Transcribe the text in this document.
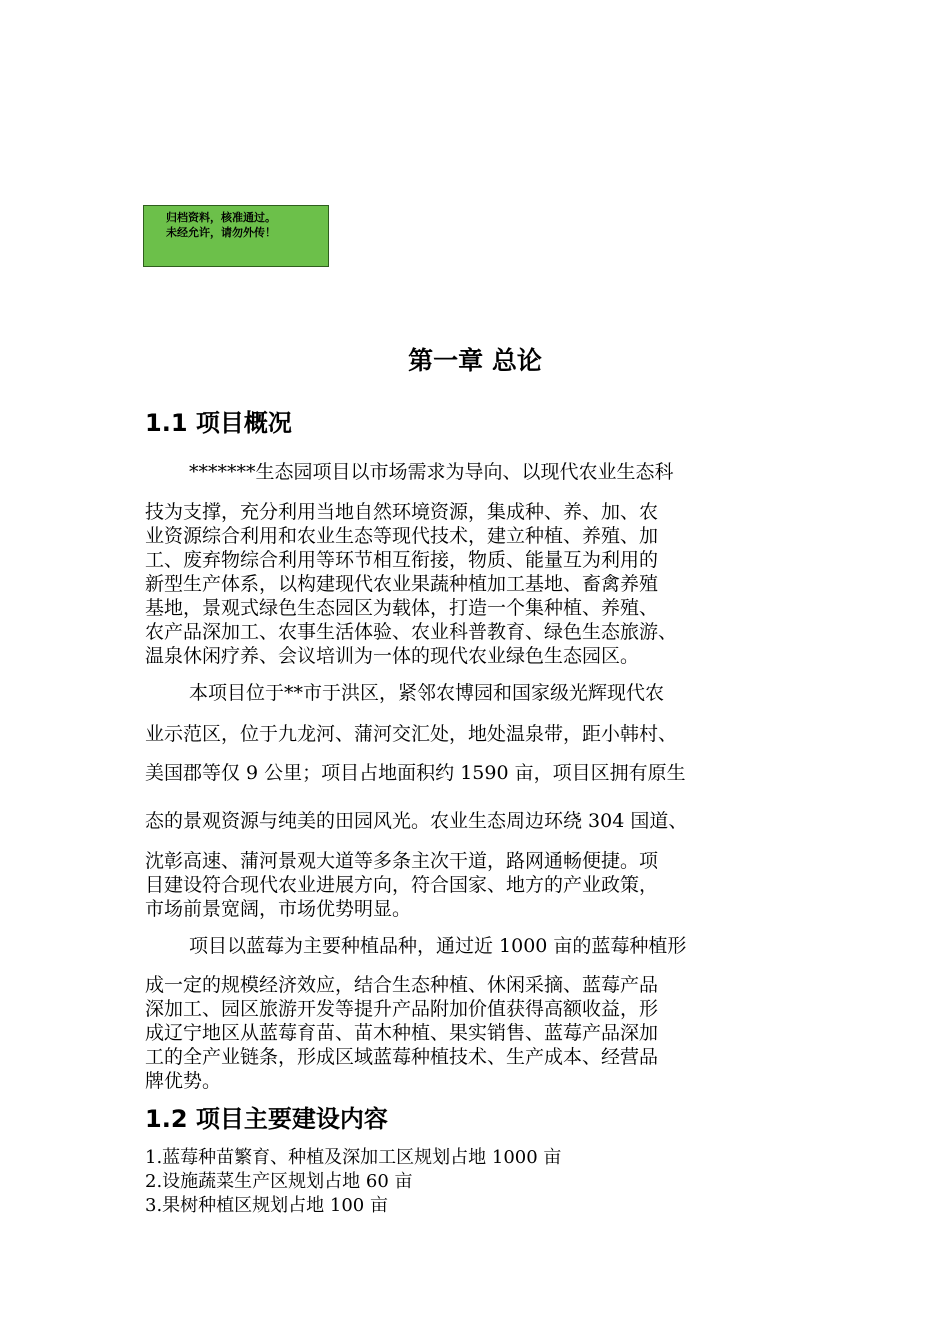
归档资料，核准通过。
未经允许，请勿外传！
第一章 总论
1.1 项目概况
*******生态园项目以市场需求为导向、以现代农业生态科
技为支撑，充分利用当地自然环境资源，集成种、养、加、农
业资源综合利用和农业生态等现代技术，建立种植、养殖、加
工、废弃物综合利用等环节相互衔接，物质、能量互为利用的
新型生产体系，以构建现代农业果蔬种植加工基地、畜禽养殖
基地，景观式绿色生态园区为载体，打造一个集种植、养殖、
农产品深加工、农事生活体验、农业科普教育、绿色生态旅游、
温泉休闲疗养、会议培训为一体的现代农业绿色生态园区。
本项目位于**市于洪区，紧邻农博园和国家级光辉现代农
业示范区，位于九龙河、蒲河交汇处，地处温泉带，距小韩村、
美国郡等仅 9 公里；项目占地面积约 1590 亩，项目区拥有原生
态的景观资源与纯美的田园风光。农业生态周边环绕 304 国道、
沈彰高速、蒲河景观大道等多条主次干道，路网通畅便捷。项
目建设符合现代农业进展方向，符合国家、地方的产业政策，
市场前景宽阔，市场优势明显。
项目以蓝莓为主要种植品种，通过近 1000 亩的蓝莓种植形
成一定的规模经济效应，结合生态种植、休闲采摘、蓝莓产品
深加工、园区旅游开发等提升产品附加价值获得高额收益，形
成辽宁地区从蓝莓育苗、苗木种植、果实销售、蓝莓产品深加
工的全产业链条，形成区域蓝莓种植技术、生产成本、经营品
牌优势。
1.2 项目主要建设内容
1.蓝莓种苗繁育、种植及深加工区规划占地 1000 亩
2.设施蔬菜生产区规划占地 60 亩
3.果树种植区规划占地 100 亩
